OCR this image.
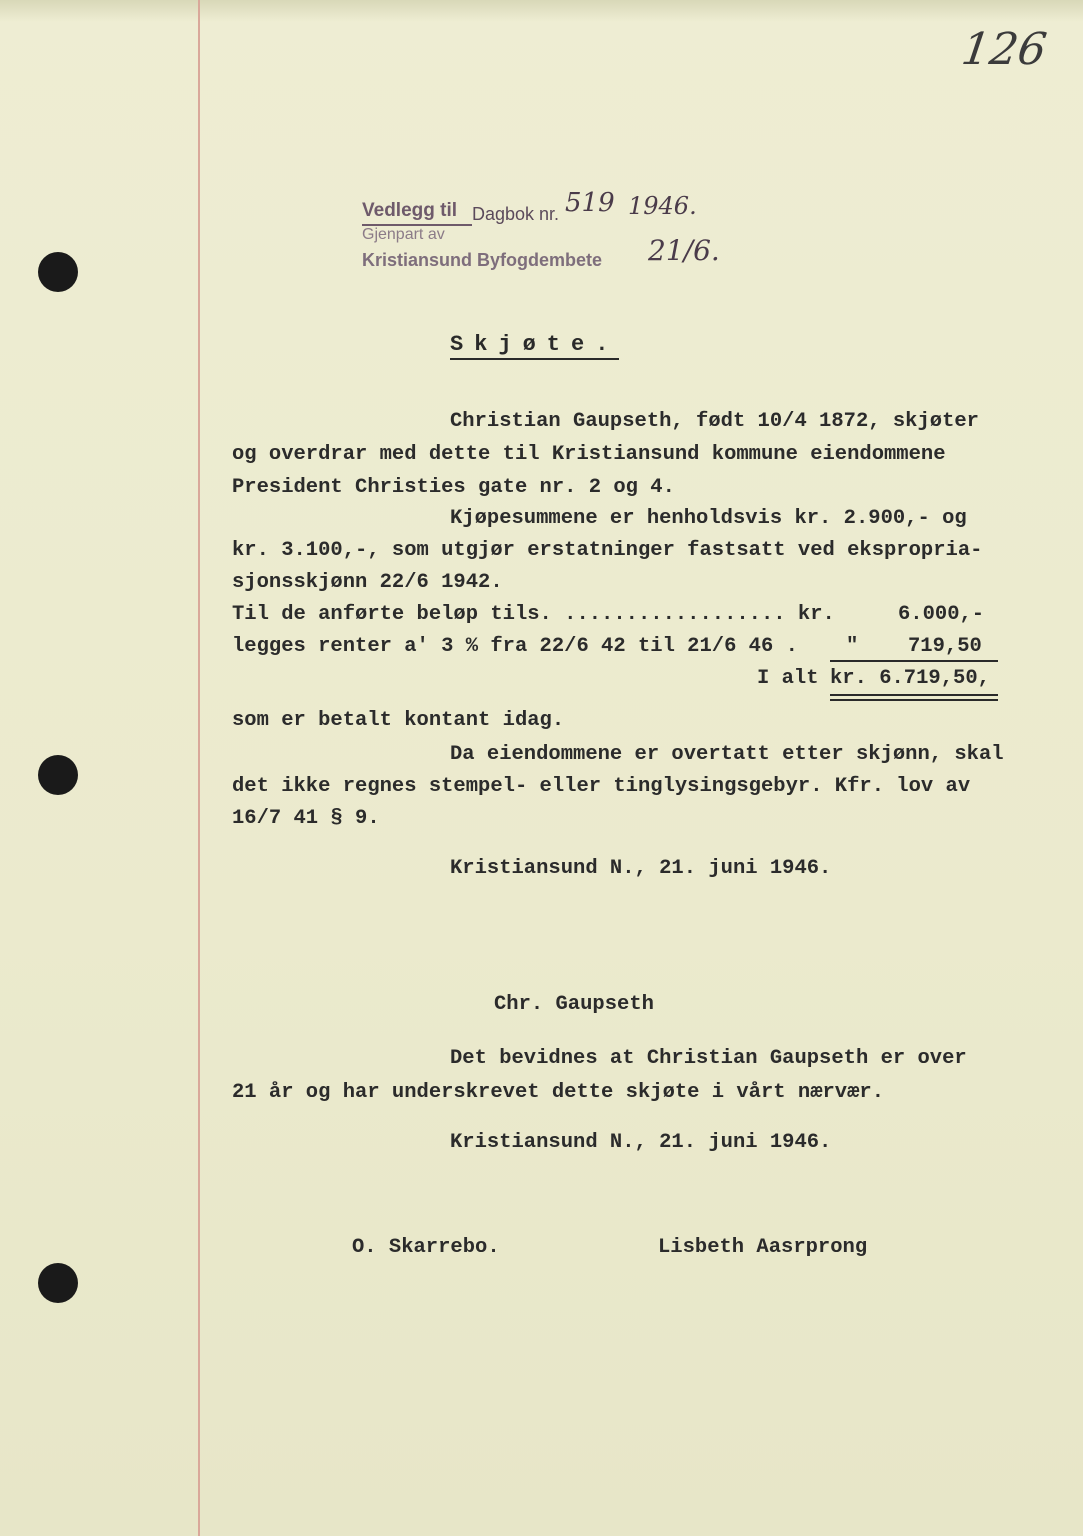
126
Vedlegg til Dagbok nr.
Gjenpart av
Kristiansund Byfogdembete
519 1946.
21/6.
Skjøte.
Christian Gaupseth, født 10/4 1872, skjøter
og overdrar med dette til Kristiansund kommune eiendommene
President Christies gate nr. 2 og 4.
Kjøpesummene er henholdsvis kr. 2.900,- og
kr. 3.100,-, som utgjør erstatninger fastsatt ved ekspropria-
sjonsskjønn 22/6 1942.
Til de anførte beløp tils. .................. kr.	6.000,-
legges renter a' 3 % fra 22/6 42 til 21/6 46 . " 719,50
I alt kr. 6.719,50,
som er betalt kontant idag.
Da eiendommene er overtatt etter skjønn, skal
det ikke regnes stempel- eller tinglysingsgebyr. Kfr. lov av
16/7 41 § 9.
Kristiansund N., 21. juni 1946.
Chr. Gaupseth
Det bevidnes at Christian Gaupseth er over
21 år og har underskrevet dette skjøte i vårt nærvær.
Kristiansund N., 21. juni 1946.
O. Skarrebo.	Lisbeth Aasrprong
